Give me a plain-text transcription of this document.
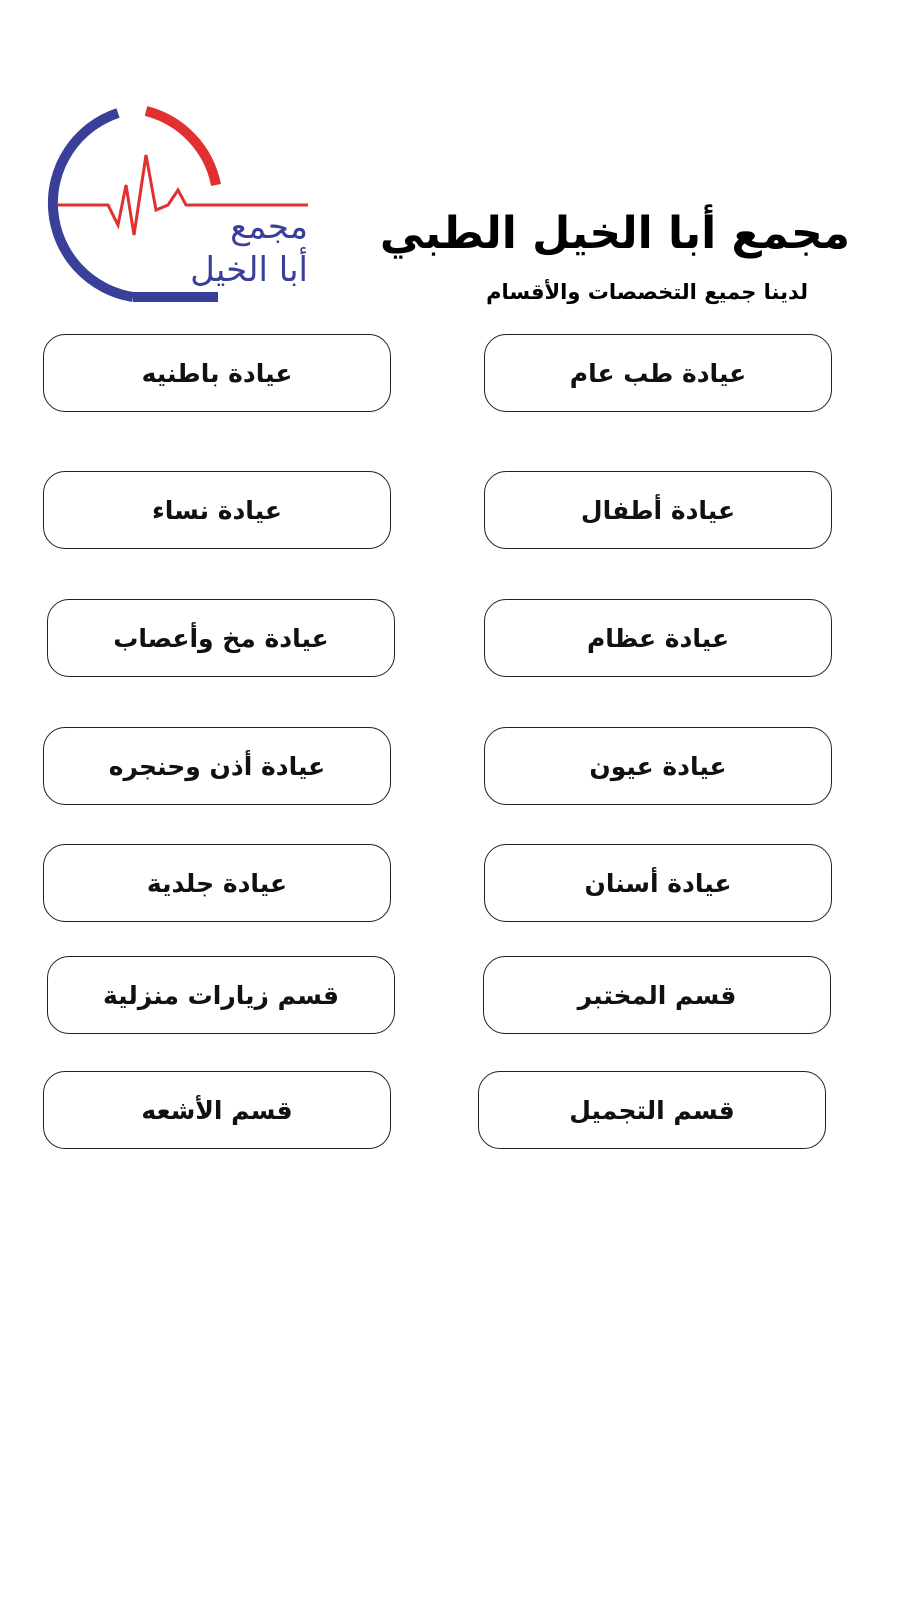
مجمع
أبا الخيل
مجمع أبا الخيل الطبي
لدينا جميع التخصصات والأقسام
عيادة طب عام
عيادة باطنيه
عيادة أطفال
عيادة نساء
عيادة عظام
عيادة مخ وأعصاب
عيادة عيون
عيادة أذن وحنجره
عيادة أسنان
عيادة جلدية
قسم المختبر
قسم زيارات منزلية
قسم التجميل
قسم الأشعه
